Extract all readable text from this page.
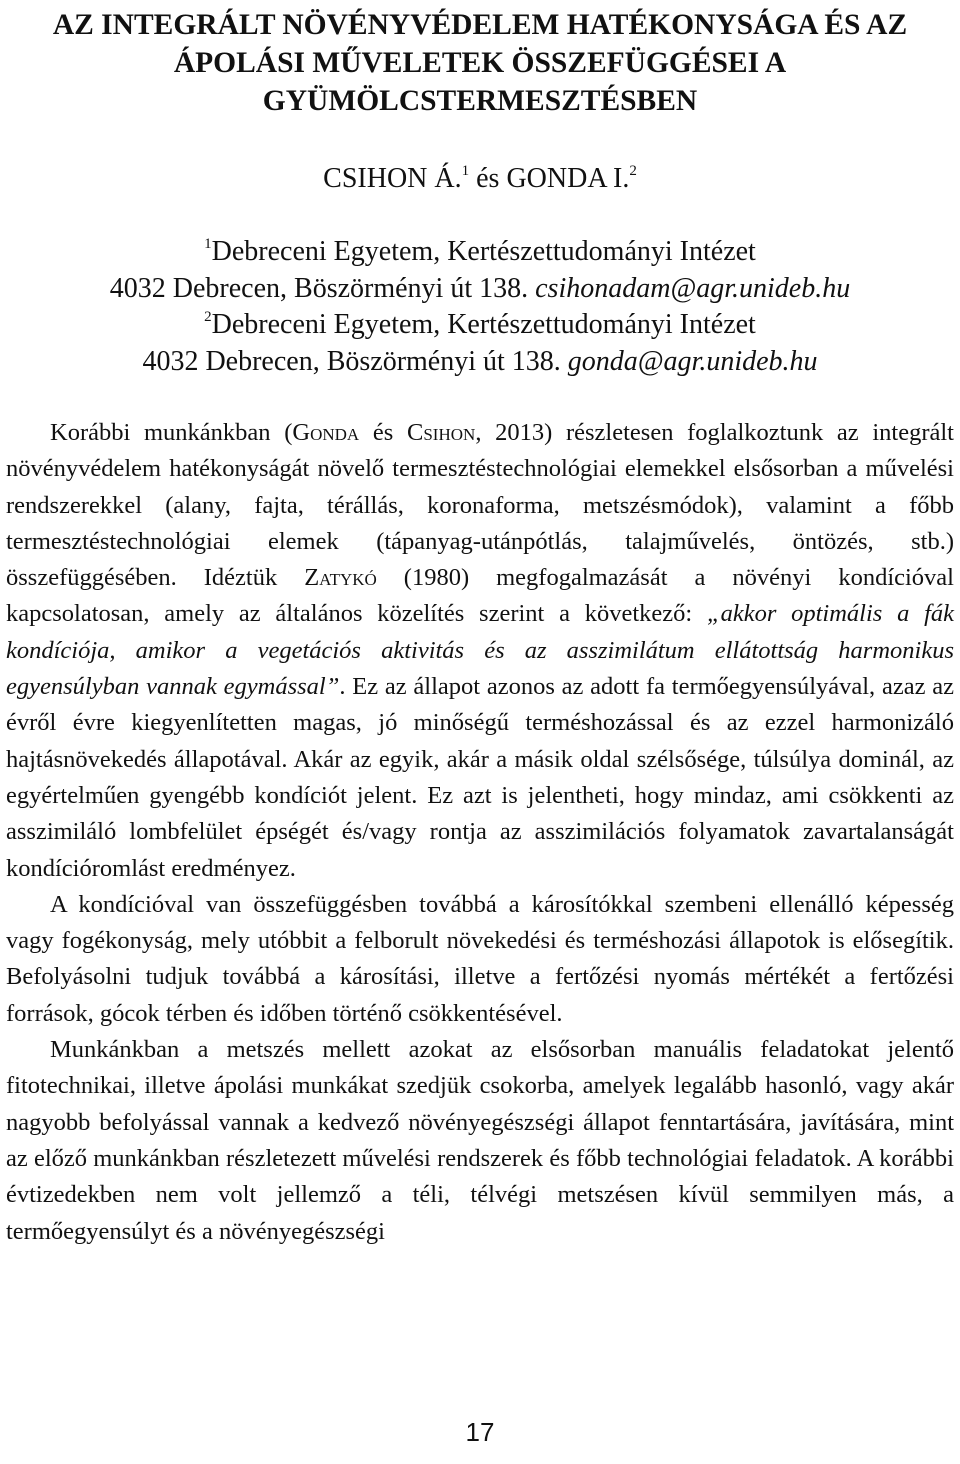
AZ INTEGRÁLT NÖVÉNYVÉDELEM HATÉKONYSÁGA ÉS AZ
ÁPOLÁSI MŰVELETEK ÖSSZEFÜGGÉSEI A
GYÜMÖLCSTERMESZTÉSBEN
CSIHON Á.$^1$ és GONDA I.$^2$
$^1$Debreceni Egyetem, Kertészettudományi Intézet
4032 Debrecen, Böszörményi út 138. csihonadam@agr.unideb.hu
$^2$Debreceni Egyetem, Kertészettudományi Intézet
4032 Debrecen, Böszörményi út 138. gonda@agr.unideb.hu

Korábbi munkánkban (Gonda és Csihon, 2013) részletesen foglalkoztunk az integrált növényvédelem hatékonyságát növelő termesztéstechnológiai elemekkel elsősorban a művelési rendszerekkel (alany, fajta, térállás, koronaforma, metszésmódok), valamint a főbb termesztéstechnológiai elemek (tápanyag-utánpótlás, talajművelés, öntözés, stb.) összefüggésében. Idéztük Zatykó (1980) megfogalmazását a növényi kondícióval kapcsolatosan, amely az általános közelítés szerint a következő: „akkor optimális a fák kondíciója, amikor a vegetációs aktivitás és az asszimilátum ellátottság harmonikus egyensúlyban vannak egymással”. Ez az állapot azonos az adott fa termőegyensúlyával, azaz az évről évre kiegyenlítetten magas, jó minőségű terméshozással és az ezzel harmonizáló hajtásnövekedés állapotával. Akár az egyik, akár a másik oldal szélsősége, túlsúlya dominál, az egyértelműen gyengébb kondíciót jelent. Ez azt is jelentheti, hogy mindaz, ami csökkenti az asszimiláló lombfelület épségét és/vagy rontja az asszimilációs folyamatok zavartalanságát kondícióromlást eredményez.

A kondícióval van összefüggésben továbbá a károsítókkal szembeni ellenálló képesség vagy fogékonyság, mely utóbbit a felborult növekedési és terméshozási állapotok is elősegítik. Befolyásolni tudjuk továbbá a károsítási, illetve a fertőzési nyomás mértékét a fertőzési források, gócok térben és időben történő csökkentésével.

Munkánkban a metszés mellett azokat az elsősorban manuális feladatokat jelentő fitotechnikai, illetve ápolási munkákat szedjük csokorba, amelyek legalább hasonló, vagy akár nagyobb befolyással vannak a kedvező növényegészségi állapot fenntartására, javítására, mint az előző munkánkban részletezett művelési rendszerek és főbb technológiai feladatok. A korábbi évtizedekben nem volt jellemző a téli, télvégi metszésen kívül semmilyen más, a termőegyensúlyt és a növényegészségi

17
